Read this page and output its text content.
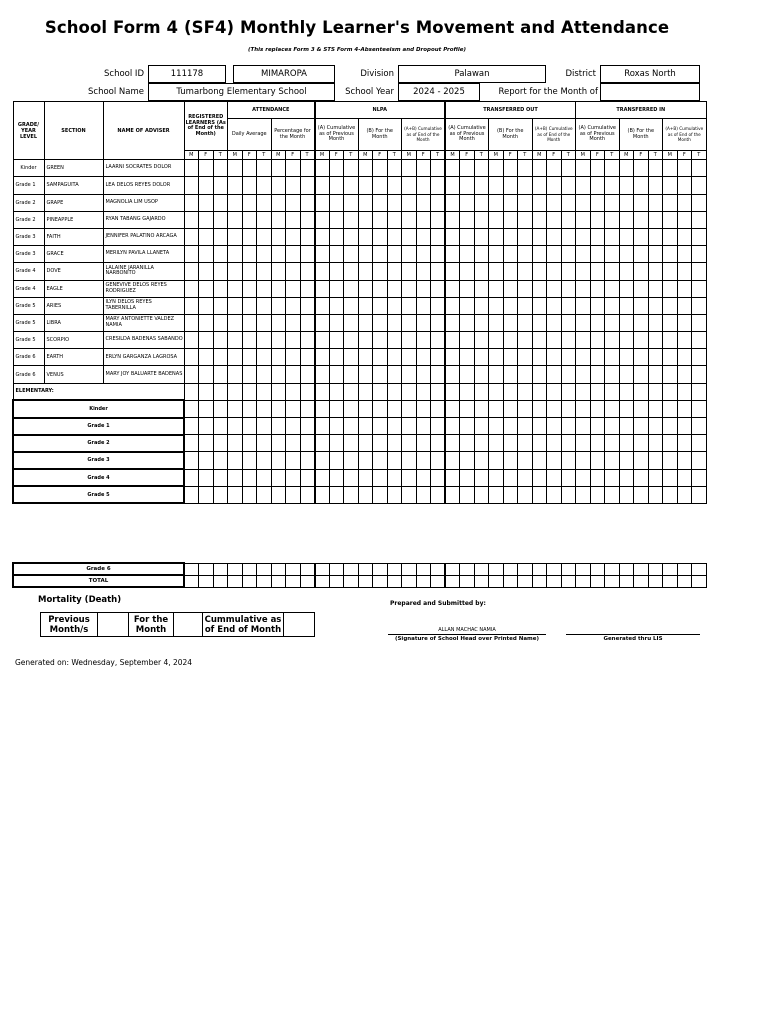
School Form 4 (SF4) Monthly Learner's Movement and Attendance
(This replaces Form 3 & STS Form 4-Absenteeism and Dropout Profile)
School ID	111178	MIMAROPA	Division	Palawan	District	Roxas North
School Name	Tumarbong Elementary School	School Year	2024 - 2025	Report for the Month of
GRADE/ YEAR LEVEL	SECTION	NAME OF ADVISER	REGISTERED LEARNERS (As of End of the Month)			ATTENDANCE						NLPA									TRANSFERRED OUT									TRANSFERRED IN								
						Daily Average			Percentage for the Month			(A) Cumulative as of Previous Month			(B) For the Month			(A+B) Cumulative as of End of the Month			(A) Cumulative as of Previous Month			(B) For the Month			(A+B) Cumulative as of End of the Month			(A) Cumulative as of Previous Month			(B) For the Month			(A+B) Cumulative as of End of the Month		
			M	F	T	M	F	T	M	F	T	M	F	T	M	F	T	M	F	T	M	F	T	M	F	T	M	F	T	M	F	T	M	F	T	M	F	T
Kinder	GREEN	LAARNI SOCRATES DOLOR																																				
Grade 1	SAMPAGUITA	LEA DELOS REYES DOLOR																																				
Grade 2	GRAPE	MAGNOLIA LIM USOP																																				
Grade 2	PINEAPPLE	RYAN TABANG GAJARDO																																				
Grade 3	FAITH	JENNIFER PALATINO ARCAGA																																				
Grade 3	GRACE	MERILYN PAVILA LLANETA																																				
Grade 4	DOVE	LALAINE JARANILLA NARBONITO																																				
Grade 4	EAGLE	GENEVIVE DELOS REYES RODRIGUEZ																																				
Grade 5	ARIES	ILYN DELOS REYES TABERNILLA																																				
Grade 5	LIBRA	MARY ANTONIETTE VALDEZ NAMIA																																				
Grade 5	SCORPIO	CRESILDA BADENAS SABANDO																																				
Grade 6	EARTH	ERLYN GARGANZA LAGROSA																																				
Grade 6	VENUS	MARY JOY BALUARTE BADENAS																																				
ELEMENTARY:																																						
Kinder																																						
Grade 1																																						
Grade 2																																						
Grade 3																																						
Grade 4																																						
Grade 5																																						
Grade 6																																				
TOTAL																																				
Mortality (Death)
Previous Month/s		For the Month		Cummulative as of End of Month	
Prepared and Submitted by:
ALLAN MACHAC NAMIA
(Signature of School Head over Printed Name)	Generated thru LIS
Generated on: Wednesday, September 4, 2024
